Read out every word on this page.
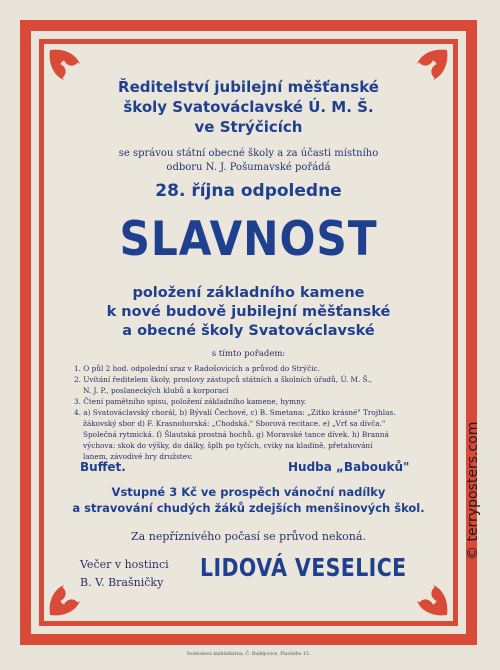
Ředitelství jubilejní měšťanské

školy Svatováclavské Ú. M. Š.

ve Strýčicích

se správou státní obecné školy a za účasti místního

odboru N. J. Pošumavské pořádá

28. října odpoledne

SLAVNOST

položení základního kamene

k nové budově jubilejní měšťanské

a obecné školy Svatováclavské

s tímto pořadem:

1. O půl 2 hod. odpolední sraz v Radošovicích a průvod do Strýčic.

2. Uvítání ředitelem školy, proslovy zástupců státních a školních úřadů, Ú. M. Š.,

N. J. P., poslaneckých klubů a korporací

3. Čtení pamětního spisu, položení základního kamene, hymny.

4. a) Svatováclavský chorál, b) Bývalí Čechové, c) B. Smetana: „Zitko krásné" Trojhlas.

žákovský sbor d) F. Krasnohorská: „Chodská." Sborová recitace. e) „Vrť sa dívča."

Společná rytmická. f) Šlautská prostná hochů. g) Moravské tance dívek. h) Branná

výchova: skok do výšky, do dálky, šplh po tyčích, cviky na kladině, přetahování

lanem, závodivé hry družstev.

Buffet.	Hudba „Babouků"

Vstupné 3 Kč ve prospěch vánoční nadílky

a stravování chudých žáků zdejších menšinových škol.

Za nepříznivého počasí se průvod nekoná.

Večer v hostinci

B. V. Brašničky

LIDOVÁ VESELICE

Svobodová knihtiskárna, Č. Budějovice, Plachého 15.

© terryposters.com
